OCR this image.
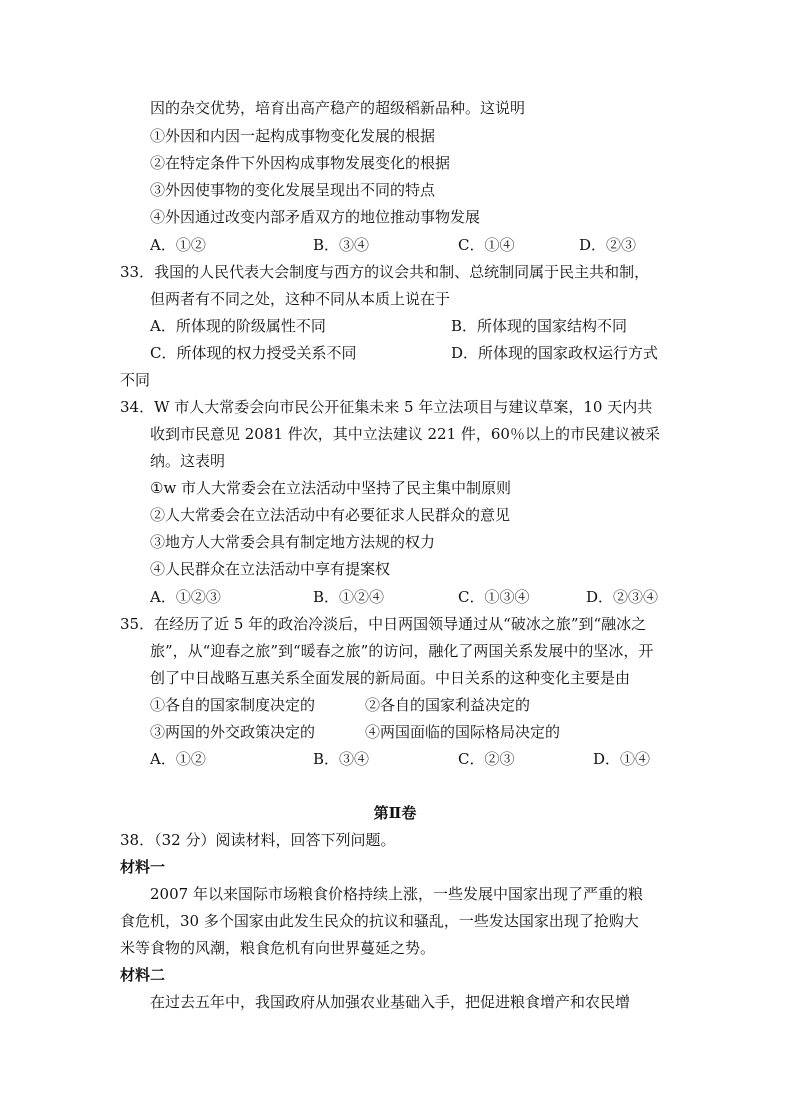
因的杂交优势，培育出高产稳产的超级稻新品种。这说明
①外因和内因一起构成事物变化发展的根据
②在特定条件下外因构成事物发展变化的根据
③外因使事物的变化发展呈现出不同的特点
④外因通过改变内部矛盾双方的地位推动事物发展
A．①②	B．③④	C．①④	D．②③
33．我国的人民代表大会制度与西方的议会共和制、总统制同属于民主共和制，
但两者有不同之处，这种不同从本质上说在于
A．所体现的阶级属性不同	B．所体现的国家结构不同
C．所体现的权力授受关系不同	D．所体现的国家政权运行方式
不同
34．W 市人大常委会向市民公开征集未来 5 年立法项目与建议草案，10 天内共
收到市民意见 2081 件次，其中立法建议 221 件，60％以上的市民建议被采
纳。这表明
①w 市人大常委会在立法活动中坚持了民主集中制原则
②人大常委会在立法活动中有必要征求人民群众的意见
③地方人大常委会具有制定地方法规的权力
④人民群众在立法活动中享有提案权
A．①②③	B．①②④	C．①③④	D．②③④
35．在经历了近 5 年的政治冷淡后，中日两国领导通过从“破冰之旅”到“融冰之
旅”，从“迎春之旅”到“暖春之旅”的访问，融化了两国关系发展中的坚冰，开
创了中日战略互惠关系全面发展的新局面。中日关系的这种变化主要是由
①各自的国家制度决定的	②各自的国家利益决定的
③两国的外交政策决定的	④两国面临的国际格局决定的
A．①②	B．③④	C．②③	D．①④
第Ⅱ卷
38．（32 分）阅读材料，回答下列问题。
材料一
2007 年以来国际市场粮食价格持续上涨，一些发展中国家出现了严重的粮
食危机，30 多个国家由此发生民众的抗议和骚乱，一些发达国家出现了抢购大
米等食物的风潮，粮食危机有向世界蔓延之势。
材料二
在过去五年中，我国政府从加强农业基础入手，把促进粮食增产和农民增
